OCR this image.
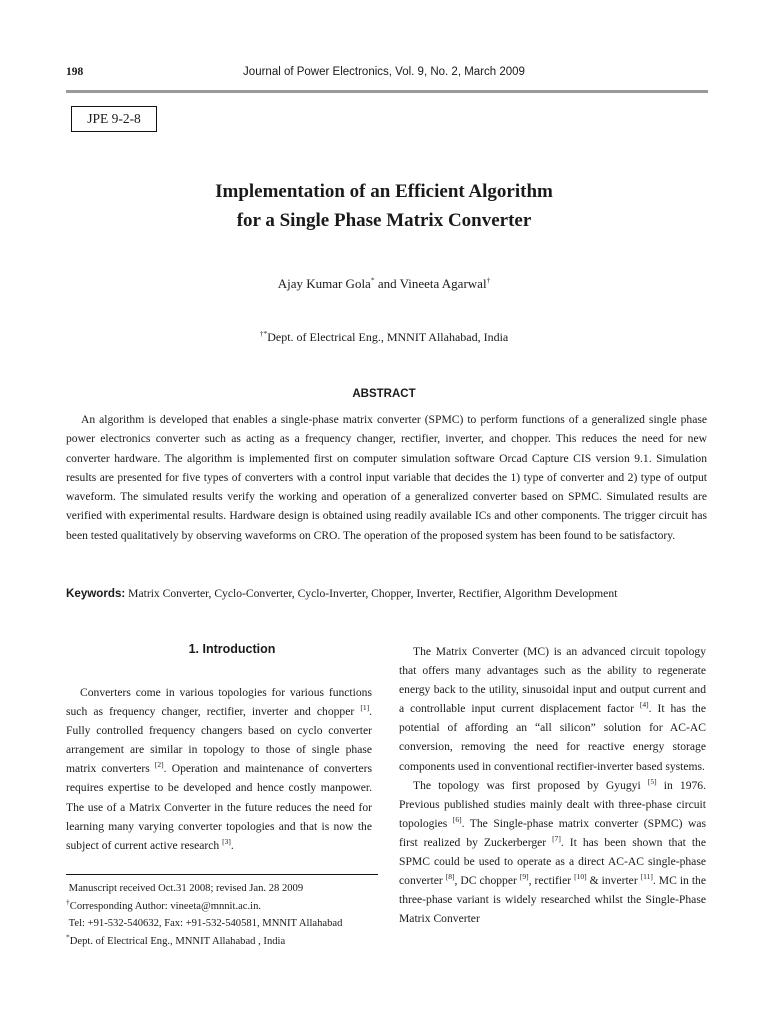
198	Journal of Power Electronics, Vol. 9, No. 2, March 2009
JPE 9-2-8
Implementation of an Efficient Algorithm
for a Single Phase Matrix Converter
Ajay Kumar Gola* and Vineeta Agarwal†
†*Dept. of Electrical Eng., MNNIT Allahabad, India
ABSTRACT

An algorithm is developed that enables a single-phase matrix converter (SPMC) to perform functions of a generalized single phase power electronics converter such as acting as a frequency changer, rectifier, inverter, and chopper. This reduces the need for new converter hardware. The algorithm is implemented first on computer simulation software Orcad Capture CIS version 9.1. Simulation results are presented for five types of converters with a control input variable that decides the 1) type of converter and 2) type of output waveform. The simulated results verify the working and operation of a generalized converter based on SPMC. Simulated results are verified with experimental results. Hardware design is obtained using readily available ICs and other components. The trigger circuit has been tested qualitatively by observing waveforms on CRO. The operation of the proposed system has been found to be satisfactory.

Keywords: Matrix Converter, Cyclo-Converter, Cyclo-Inverter, Chopper, Inverter, Rectifier, Algorithm Development
1. Introduction

Converters come in various topologies for various functions such as frequency changer, rectifier, inverter and chopper [1]. Fully controlled frequency changers based on cyclo converter arrangement are similar in topology to those of single phase matrix converters [2]. Operation and maintenance of converters requires expertise to be developed and hence costly manpower. The use of a Matrix Converter in the future reduces the need for learning many varying converter topologies and that is now the subject of current active research [3].

Manuscript received Oct.31 2008; revised Jan. 28 2009
†Corresponding Author: vineeta@mnnit.ac.in.
Tel: +91-532-540632, Fax: +91-532-540581, MNNIT Allahabad
*Dept. of Electrical Eng., MNNIT Allahabad , India

The Matrix Converter (MC) is an advanced circuit topology that offers many advantages such as the ability to regenerate energy back to the utility, sinusoidal input and output current and a controllable input current displacement factor [4]. It has the potential of affording an “all silicon” solution for AC-AC conversion, removing the need for reactive energy storage components used in conventional rectifier-inverter based systems.

The topology was first proposed by Gyugyi [5] in 1976. Previous published studies mainly dealt with three-phase circuit topologies [6]. The Single-phase matrix converter (SPMC) was first realized by Zuckerberger [7]. It has been shown that the SPMC could be used to operate as a direct AC-AC single-phase converter [8], DC chopper [9], rectifier [10] & inverter [11]. MC in the three-phase variant is widely researched whilst the Single-Phase Matrix Converter
